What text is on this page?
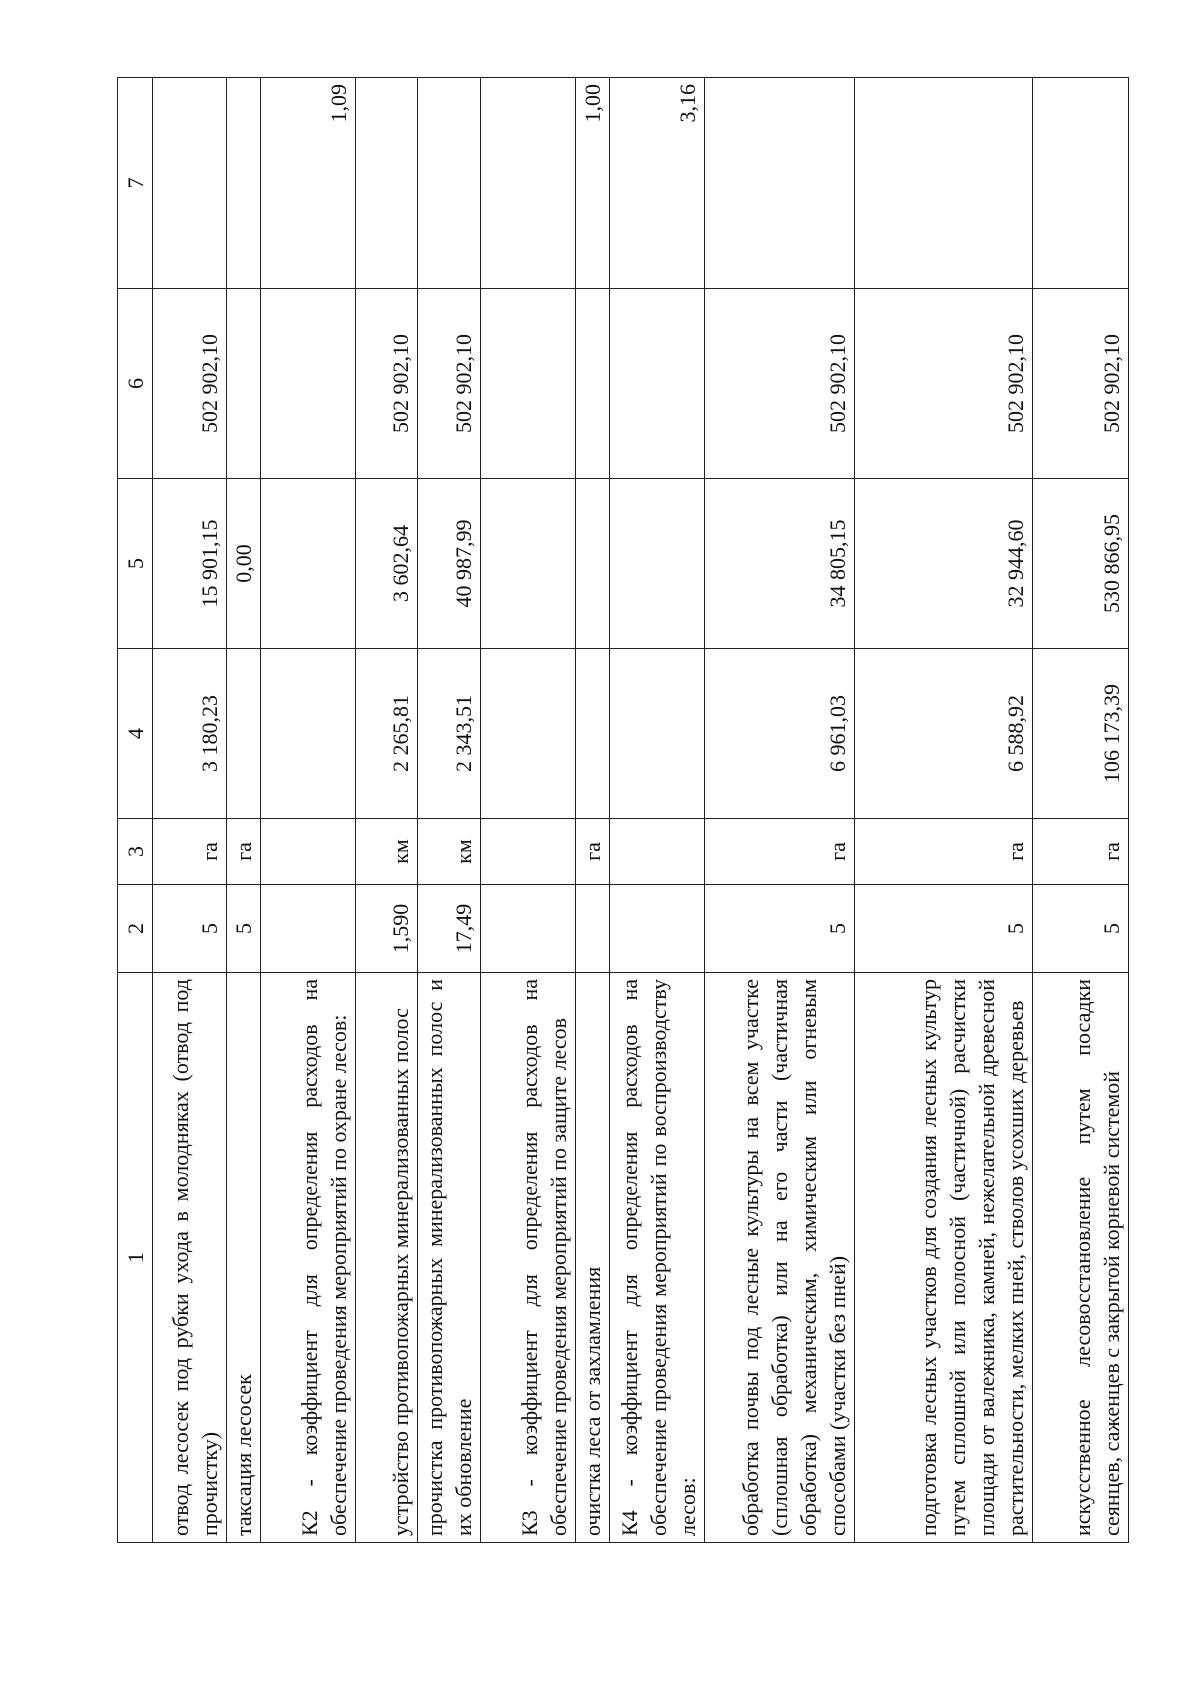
1	2	3	4	5	6	7
отвод лесосек под рубки ухода в молодняках (отвод под прочистку)	5	га	3 180,23	15 901,15	502 902,10	
таксация лесосек	5	га		0,00		
К2 - коэффициент для определения расходов на обеспечение проведения мероприятий по охране лесов:						1,09
устройство противопожарных минерализованных полос	1,590	км	2 265,81	3 602,64	502 902,10	
прочистка противопожарных минерализованных полос и их обновление	17,49	км	2 343,51	40 987,99	502 902,10	
К3 - коэффициент для определения расходов на обеспечение проведения мероприятий по защите лесов						
очистка леса от захламления		га				1,00
К4 - коэффициент для определения расходов на обеспечение проведения мероприятий по воспроизводству лесов:						3,16
обработка почвы под лесные культуры на всем участке (сплошная обработка) или на его части (частичная обработка) механическим, химическим или огневым способами (участки без пней)	5	га	6 961,03	34 805,15	502 902,10	
подготовка лесных участков для создания лесных культур путем сплошной или полосной (частичной) расчистки площади от валежника, камней, нежелательной древесной растительности, мелких пней, стволов усохших деревьев	5	га	6 588,92	32 944,60	502 902,10	
искусственное лесовосстановление путем посадки сеянцев, саженцев с закрытой корневой системой	5	га	106 173,39	530 866,95	502 902,10	
